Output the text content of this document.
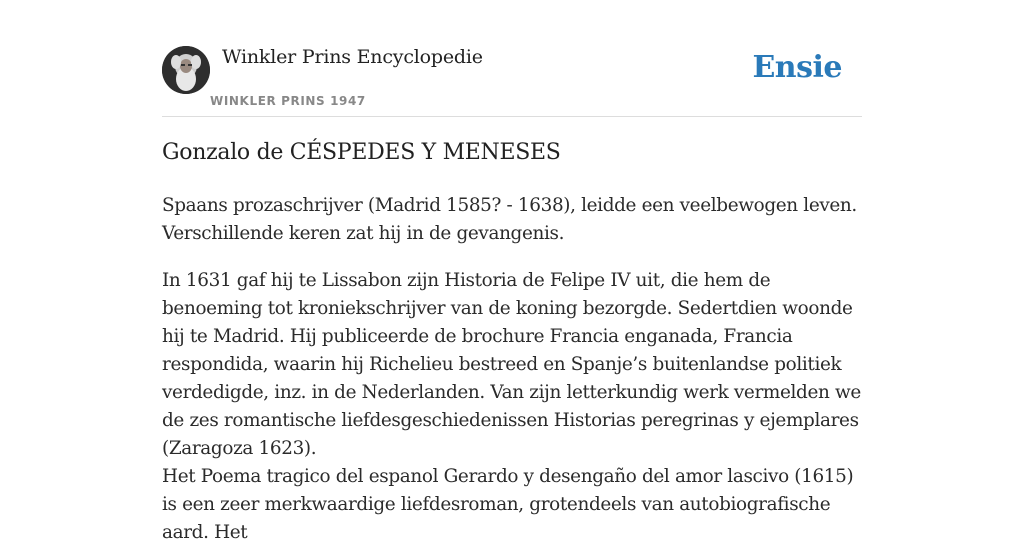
Winkler Prins Encyclopedie
WINKLER PRINS 1947
Ensie
Gonzalo de CÉSPEDES Y MENESES

Spaans prozaschrijver (Madrid 1585? - 1638), leidde een veelbewogen leven. Verschillende keren zat hij in de gevangenis.

In 1631 gaf hij te Lissabon zijn Historia de Felipe IV uit, die hem de benoeming tot kroniekschrijver van de koning bezorgde. Sedertdien woonde hij te Madrid. Hij publiceerde de brochure Francia enganada, Francia respondida, waarin hij Richelieu bestreed en Spanje’s buitenlandse politiek verdedigde, inz. in de Nederlanden. Van zijn letterkundig werk vermelden we de zes romantische liefdesgeschiedenissen Historias peregrinas y ejemplares (Zaragoza 1623).

Het Poema tragico del espanol Gerardo y desengaño del amor lascivo (1615) is een zeer merkwaardige liefdesroman, grotendeels van autobiografische aard. Het
